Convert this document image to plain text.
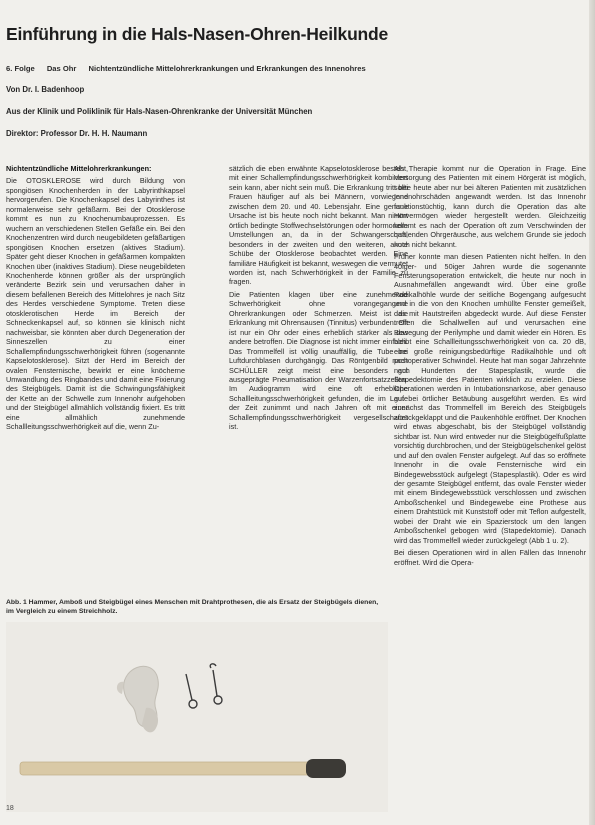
Einführung in die Hals-Nasen-Ohren-Heilkunde
6. Folge Das Ohr Nichtentzündliche Mittelohrerkrankungen und Erkrankungen des Innenohres
Von Dr. I. Badenhoop
Aus der Klinik und Poliklinik für Hals-Nasen-Ohrenkranke der Universität München
Direktor: Professor Dr. H. H. Naumann

Nichtentzündliche Mittelohrerkrankungen:

Die OTOSKLEROSE wird durch Bildung von spongiösen Knochenherden in der Labyrinthkapsel hervorgerufen. Die Knochenkapsel des Labyrinthes ist normalerweise sehr gefäßarm. Bei der Otosklerose kommt es nun zu Knochenumbauprozessen. Es wuchern an verschiedenen Stellen Gefäße ein. Bei den Knochenzentren wird durch neugebildeten gefäßartigen spongiösen Knochen ersetzen (aktives Stadium). Später geht dieser Knochen in gefäßarmen kompakten Knochen über (inaktives Stadium). Diese neugebildeten Knochenherde können größer als der ursprünglich veränderte Bezirk sein und verursachen daher in diesem befallenen Bereich des Mittelohres je nach Sitz des Herdes verschiedene Symptome. Treten diese otosklerotischen Herde im Bereich der Schneckenkapsel auf, so können sie klinisch nicht nachweisbar, sie könnten aber durch Degeneration der Sinneszellen zu einer Schallempfindungsschwerhörigkeit führen (sogenannte Kapselotosklerose). Sitzt der Herd im Bereich der ovalen Fensternische, bewirkt er eine knöcherne Umwandlung des Ringbandes und damit eine Fixierung des Steigbügels. Damit ist die Schwingungsfähigkeit der Kette an der Schwelle zum Innenohr aufgehoben und der Steigbügel allmählich vollständig fixiert. Es tritt eine allmählich zunehmende Schallleitungsschwerhörigkeit auf die, wenn Zu-

sätzlich die eben erwähnte Kapselotosklerose besteht, mit einer Schallempfindungsschwerhörigkeit kombiniert sein kann, aber nicht sein muß. Die Erkrankung tritt bei Frauen häufiger auf als bei Männern, vorwiegend zwischen dem 20. und 40. Lebensjahr. Eine genaue Ursache ist bis heute noch nicht bekannt. Man nimmt örtlich bedingte Stoffwechselstörungen oder hormonelle Umstellungen an, da in der Schwangerschaft, besonders in der zweiten und den weiteren, akute Schübe der Otosklerose beobachtet werden. Eine familiäre Häufigkeit ist bekannt, weswegen die vermutet worden ist, nach Schwerhörigkeit in der Familie zu fragen.

Die Patienten klagen über eine zunehmende Schwerhörigkeit ohne vorangegangene Ohrerkrankungen oder Schmerzen. Meist ist die Erkrankung mit Ohrensausen (Tinnitus) verbunden. Oft ist nur ein Ohr oder eines erheblich stärker als das andere betroffen. Die Diagnose ist nicht immer einfach. Das Trommelfell ist völlig unauffällig, die Tube bei Luftdurchblasen durchgängig. Das Röntgenbild nach SCHÜLLER zeigt meist eine besonders gut ausgeprägte Pneumatisation der Warzenfortsatzzellen. Im Audiogramm wird eine oft erhebliche Schallleitungsschwerhörigkeit gefunden, die im Laufe der Zeit zunimmt und nach Jahren oft mit einer Schallempfindungsschwerhörigkeit vergesellschaftet ist.

Als Therapie kommt nur die Operation in Frage. Eine Versorgung des Patienten mit einem Hörgerät ist möglich, sollte heute aber nur bei älteren Patienten mit zusätzlichen Innenohrschäden angewandt werden. Ist das Innenohr funktionstüchtig, kann durch die Operation das alte Hörvermögen wieder hergestellt werden. Gleichzeitig kommt es nach der Operation oft zum Verschwinden der quälenden Ohrgeräusche, aus welchem Grunde sie jedoch noch nicht bekannt.

Früher konnte man diesen Patienten nicht helfen. In den 40iger- und 50iger Jahren wurde die sogenannte Fensterungsoperation entwickelt, die heute nur noch in Ausnahmefällen angewandt wird. Über eine große Radikalhöhle wurde der seitliche Bogengang aufgesucht und in die von den Knochen umhüllte Fenster gemeißelt, das mit Hautstreifen abgedeckt wurde. Auf diese Fenster treffen die Schallwellen auf und verursachen eine Bewegung der Perilymphe und damit wieder ein Hören. Es bleibt eine Schallleitungsschwerhörigkeit von ca. 20 dB, eine große reinigungsbedürftige Radikalhöhle und oft postoperativer Schwindel. Heute hat man sogar Jahrzehnte nach Hunderten der Stapesplastik, wurde die Stapedektomie des Patienten wirklich zu erzielen. Diese Operationen werden in Intubationsnarkose, aber genauso gut bei örtlicher Betäubung ausgeführt werden. Es wird zunächst das Trommelfell im Bereich des Steigbügels zurückgeklappt und die Paukenhöhle eröffnet. Der Knochen wird etwas abgeschabt, bis der Steigbügel vollständig sichtbar ist. Nun wird entweder nur die Steigbügelfußplatte vorsichtig durchbrochen, und der Steigbügelschenkel gelöst und auf den ovalen Fenster aufgelegt. Auf das so eröffnete Innenohr in die ovale Fensternische wird ein Bindegewebsstück aufgelegt (Stapesplastik). Oder es wird der gesamte Steigbügel entfernt, das ovale Fenster wieder mit einem Bindegewebsstück verschlossen und zwischen Amboßschenkel und Bindegewebe eine Prothese aus einem Drahtstück mit Kunststoff oder mit Teflon aufgestellt, wobei der Draht wie ein Spazierstock um den langen Amboßschenkel gebogen wird (Stapedektomie). Danach wird das Trommelfell wieder zurückgelegt (Abb 1 u. 2).

Bei diesen Operationen wird in allen Fällen das Innenohr eröffnet. Wird die Opera-

Abb. 1 Hammer, Amboß und Steigbügel eines Menschen mit Drahtprothesen, die als Ersatz der Steigbügels dienen, im Vergleich zu einem Streichholz.
18
